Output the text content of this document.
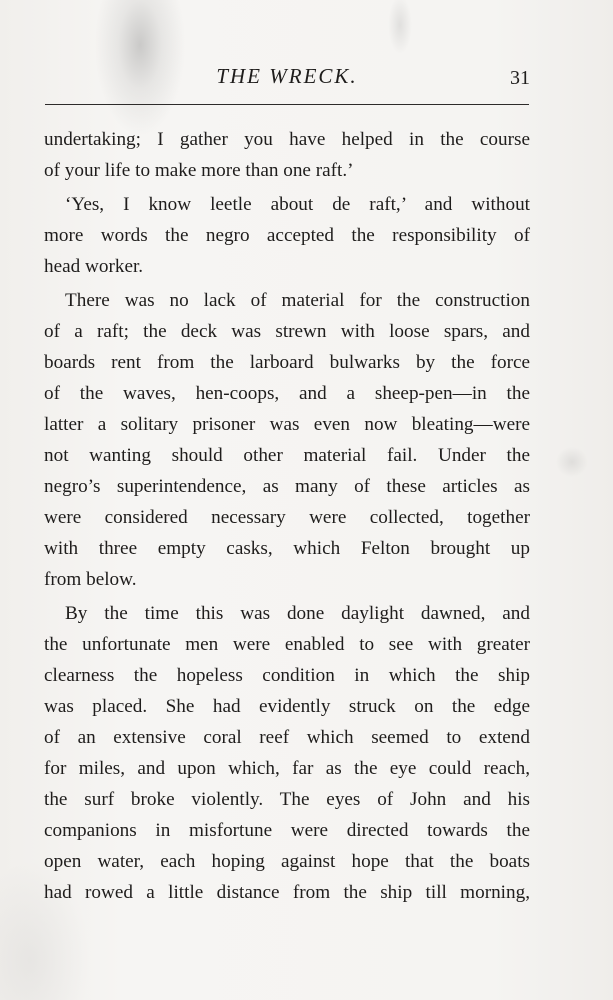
THE WRECK.	31
undertaking; I gather you have helped in the course
of your life to make more than one raft.’
‘Yes, I know leetle about de raft,’ and without
more words the negro accepted the responsibility of
head worker.
There was no lack of material for the construction
of a raft; the deck was strewn with loose spars, and
boards rent from the larboard bulwarks by the force
of the waves, hen-coops, and a sheep-pen—in the
latter a solitary prisoner was even now bleating—were
not wanting should other material fail. Under the
negro’s superintendence, as many of these articles as
were considered necessary were collected, together
with three empty casks, which Felton brought up
from below.
By the time this was done daylight dawned, and
the unfortunate men were enabled to see with greater
clearness the hopeless condition in which the ship
was placed. She had evidently struck on the edge
of an extensive coral reef which seemed to extend
for miles, and upon which, far as the eye could reach,
the surf broke violently. The eyes of John and his
companions in misfortune were directed towards the
open water, each hoping against hope that the boats
had rowed a little distance from the ship till morning,
